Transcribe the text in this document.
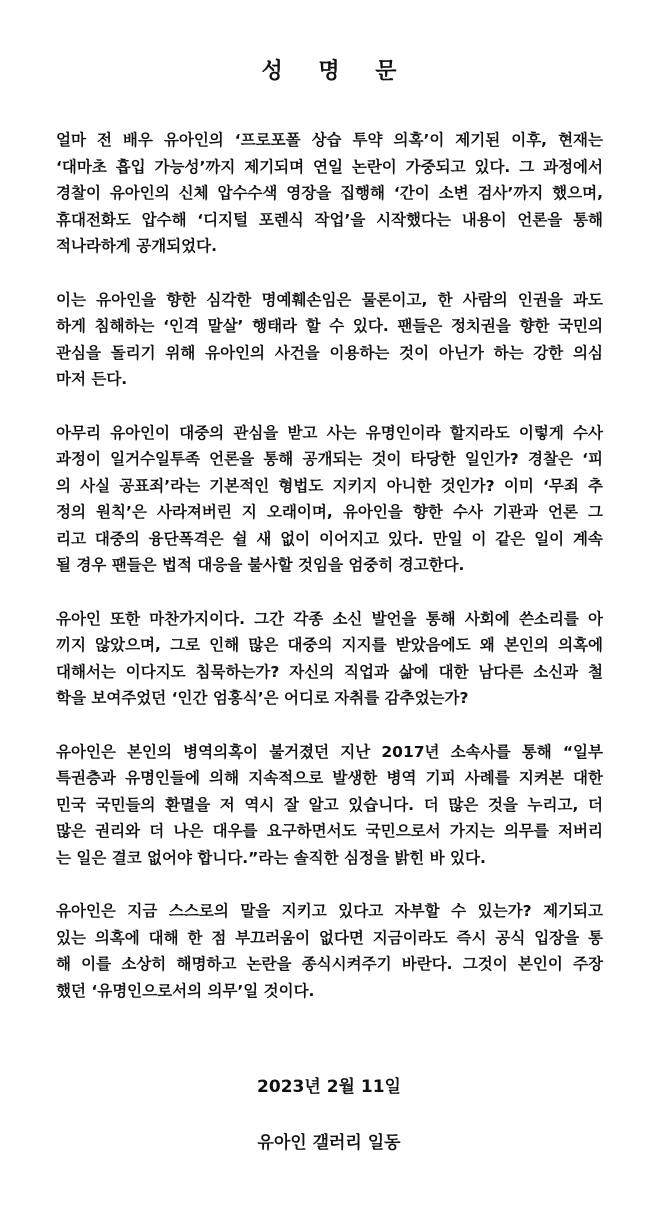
성 명 문
얼마 전 배우 유아인의 ‘프로포폴 상습 투약 의혹’이 제기된 이후, 현재는
‘대마초 흡입 가능성’까지 제기되며 연일 논란이 가중되고 있다. 그 과정에서
경찰이 유아인의 신체 압수수색 영장을 집행해 ‘간이 소변 검사’까지 했으며,
휴대전화도 압수해 ‘디지털 포렌식 작업’을 시작했다는 내용이 언론을 통해
적나라하게 공개되었다.
이는 유아인을 향한 심각한 명예훼손임은 물론이고, 한 사람의 인권을 과도
하게 침해하는 ‘인격 말살’ 행태라 할 수 있다. 팬들은 정치권을 향한 국민의
관심을 돌리기 위해 유아인의 사건을 이용하는 것이 아닌가 하는 강한 의심
마저 든다.
아무리 유아인이 대중의 관심을 받고 사는 유명인이라 할지라도 이렇게 수사
과정이 일거수일투족 언론을 통해 공개되는 것이 타당한 일인가? 경찰은 ‘피
의 사실 공표죄’라는 기본적인 형법도 지키지 아니한 것인가? 이미 ‘무죄 추
정의 원칙’은 사라져버린 지 오래이며, 유아인을 향한 수사 기관과 언론 그
리고 대중의 융단폭격은 쉴 새 없이 이어지고 있다. 만일 이 같은 일이 계속
될 경우 팬들은 법적 대응을 불사할 것임을 엄중히 경고한다.
유아인 또한 마찬가지이다. 그간 각종 소신 발언을 통해 사회에 쓴소리를 아
끼지 않았으며, 그로 인해 많은 대중의 지지를 받았음에도 왜 본인의 의혹에
대해서는 이다지도 침묵하는가? 자신의 직업과 삶에 대한 남다른 소신과 철
학을 보여주었던 ‘인간 엄홍식’은 어디로 자취를 감추었는가?
유아인은 본인의 병역의혹이 불거졌던 지난 2017년 소속사를 통해 “일부
특권층과 유명인들에 의해 지속적으로 발생한 병역 기피 사례를 지켜본 대한
민국 국민들의 환멸을 저 역시 잘 알고 있습니다. 더 많은 것을 누리고, 더
많은 권리와 더 나은 대우를 요구하면서도 국민으로서 가지는 의무를 저버리
는 일은 결코 없어야 합니다.”라는 솔직한 심정을 밝힌 바 있다.
유아인은 지금 스스로의 말을 지키고 있다고 자부할 수 있는가? 제기되고
있는 의혹에 대해 한 점 부끄러움이 없다면 지금이라도 즉시 공식 입장을 통
해 이를 소상히 해명하고 논란을 종식시켜주기 바란다. 그것이 본인이 주장
했던 ‘유명인으로서의 의무’일 것이다.
2023년 2월 11일
유아인 갤러리 일동
